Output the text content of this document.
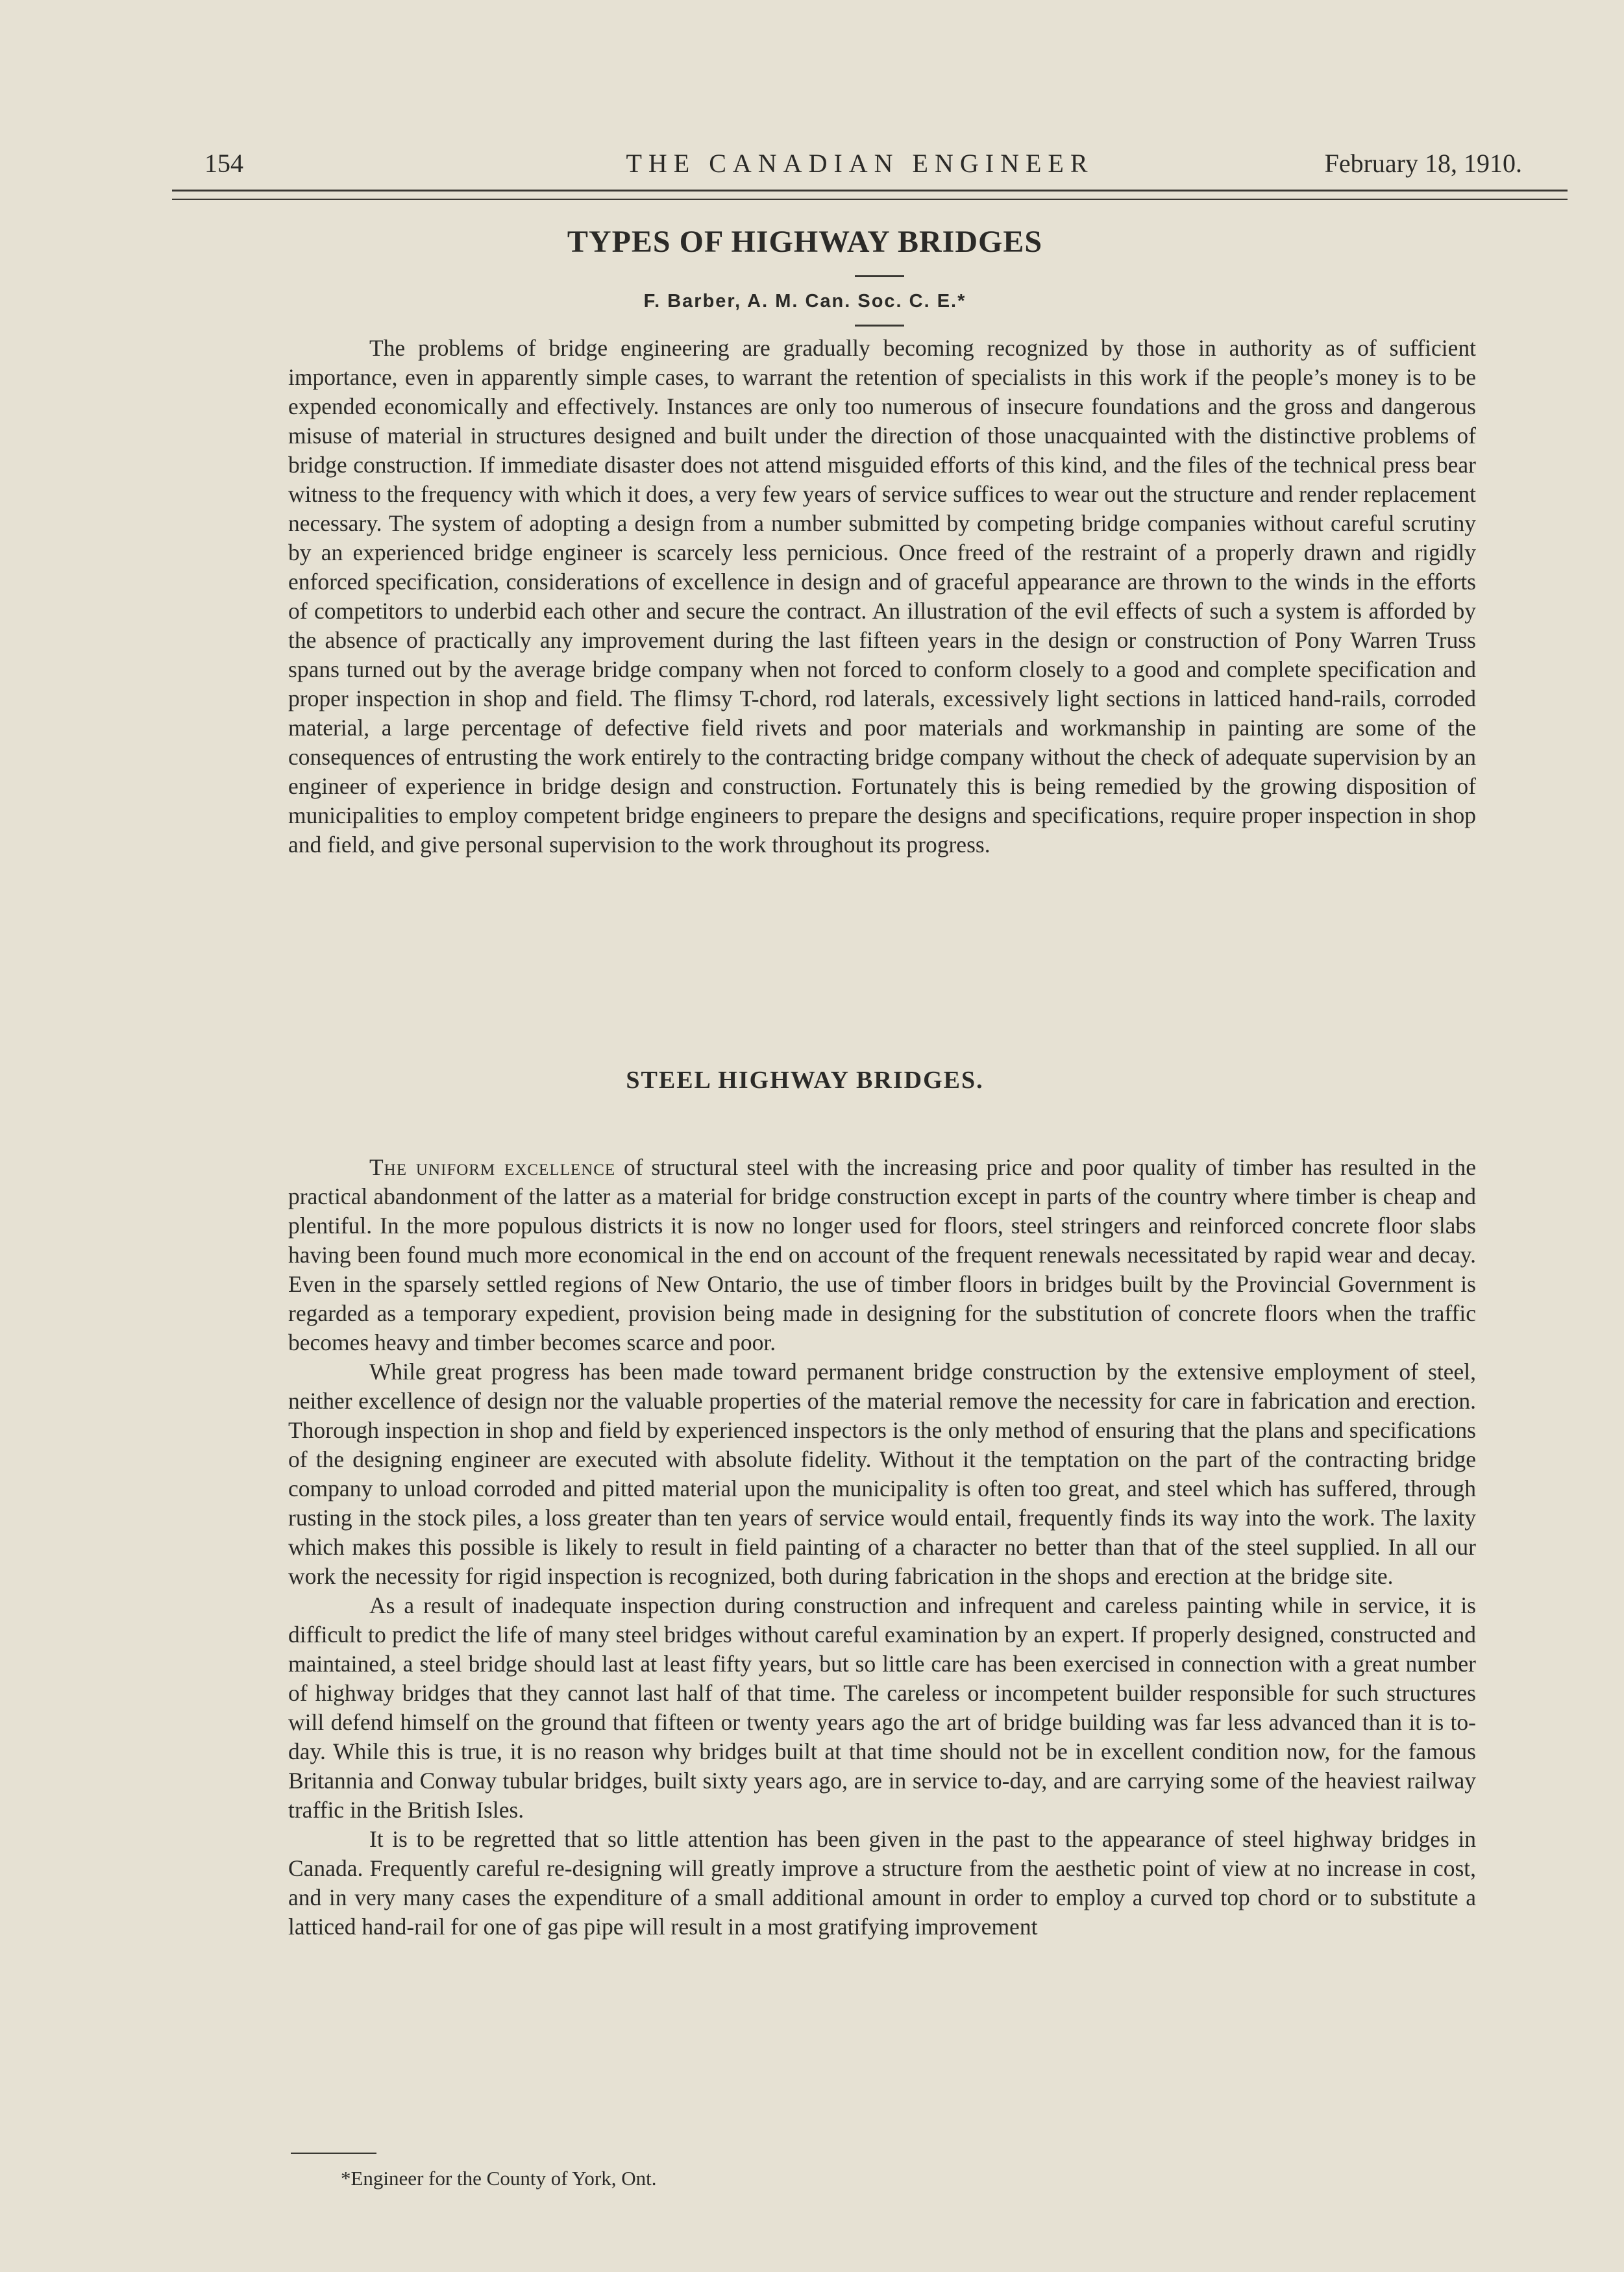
154	THE CANADIAN ENGINEER	February 18, 1910.
TYPES OF HIGHWAY BRIDGES
F. Barber, A. M. Can. Soc. C. E.*

The problems of bridge engineering are gradually becoming recognized by those in authority as of sufficient importance, even in apparently simple cases, to warrant the retention of specialists in this work if the people’s money is to be expended economically and effectively. Instances are only too numerous of insecure foundations and the gross and dangerous misuse of material in structures designed and built under the direction of those unacquainted with the distinctive problems of bridge construction. If immediate disaster does not attend misguided efforts of this kind, and the files of the technical press bear witness to the frequency with which it does, a very few years of service suffices to wear out the structure and render replacement necessary. The system of adopting a design from a number submitted by competing bridge companies without careful scrutiny by an experienced bridge engineer is scarcely less pernicious. Once freed of the restraint of a properly drawn and rigidly enforced specification, considerations of excellence in design and of graceful appearance are thrown to the winds in the efforts of competitors to underbid each other and secure the contract. An illustration of the evil effects of such a system is afforded by the absence of practically any improvement during the last fifteen years in the design or construction of Pony Warren Truss spans turned out by the average bridge company when not forced to conform closely to a good and complete specification and proper inspection in shop and field. The flimsy T-chord, rod laterals, excessively light sections in latticed hand-rails, corroded material, a large percentage of defective field rivets and poor materials and workmanship in painting are some of the consequences of entrusting the work entirely to the contracting bridge company without the check of adequate supervision by an engineer of experience in bridge design and construction. Fortunately this is being remedied by the growing disposition of municipalities to employ competent bridge engineers to prepare the designs and specifications, require proper inspection in shop and field, and give personal supervision to the work throughout its progress.

STEEL HIGHWAY BRIDGES.

The uniform excellence of structural steel with the increasing price and poor quality of timber has resulted in the practical abandonment of the latter as a material for bridge construction except in parts of the country where timber is cheap and plentiful. In the more populous districts it is now no longer used for floors, steel stringers and reinforced concrete floor slabs having been found much more economical in the end on account of the frequent renewals necessitated by rapid wear and decay. Even in the sparsely settled regions of New Ontario, the use of timber floors in bridges built by the Provincial Government is regarded as a temporary expedient, provision being made in designing for the substitution of concrete floors when the traffic becomes heavy and timber becomes scarce and poor.

While great progress has been made toward permanent bridge construction by the extensive employment of steel, neither excellence of design nor the valuable properties of the material remove the necessity for care in fabrication and erection. Thorough inspection in shop and field by experienced inspectors is the only method of ensuring that the plans and specifications of the designing engineer are executed with absolute fidelity. Without it the temptation on the part of the contracting bridge company to unload corroded and pitted material upon the municipality is often too great, and steel which has suffered, through rusting in the stock piles, a loss greater than ten years of service would entail, frequently finds its way into the work. The laxity which makes this possible is likely to result in field painting of a character no better than that of the steel supplied. In all our work the necessity for rigid inspection is recognized, both during fabrication in the shops and erection at the bridge site.

As a result of inadequate inspection during construction and infrequent and careless painting while in service, it is difficult to predict the life of many steel bridges without careful examination by an expert. If properly designed, constructed and maintained, a steel bridge should last at least fifty years, but so little care has been exercised in connection with a great number of highway bridges that they cannot last half of that time. The careless or incompetent builder responsible for such structures will defend himself on the ground that fifteen or twenty years ago the art of bridge building was far less advanced than it is to-day. While this is true, it is no reason why bridges built at that time should not be in excellent condition now, for the famous Britannia and Conway tubular bridges, built sixty years ago, are in service to-day, and are carrying some of the heaviest railway traffic in the British Isles.

It is to be regretted that so little attention has been given in the past to the appearance of steel highway bridges in Canada. Frequently careful re-designing will greatly improve a structure from the aesthetic point of view at no increase in cost, and in very many cases the expenditure of a small additional amount in order to employ a curved top chord or to substitute a latticed hand-rail for one of gas pipe will result in a most gratifying improvement

*Engineer for the County of York, Ont.
